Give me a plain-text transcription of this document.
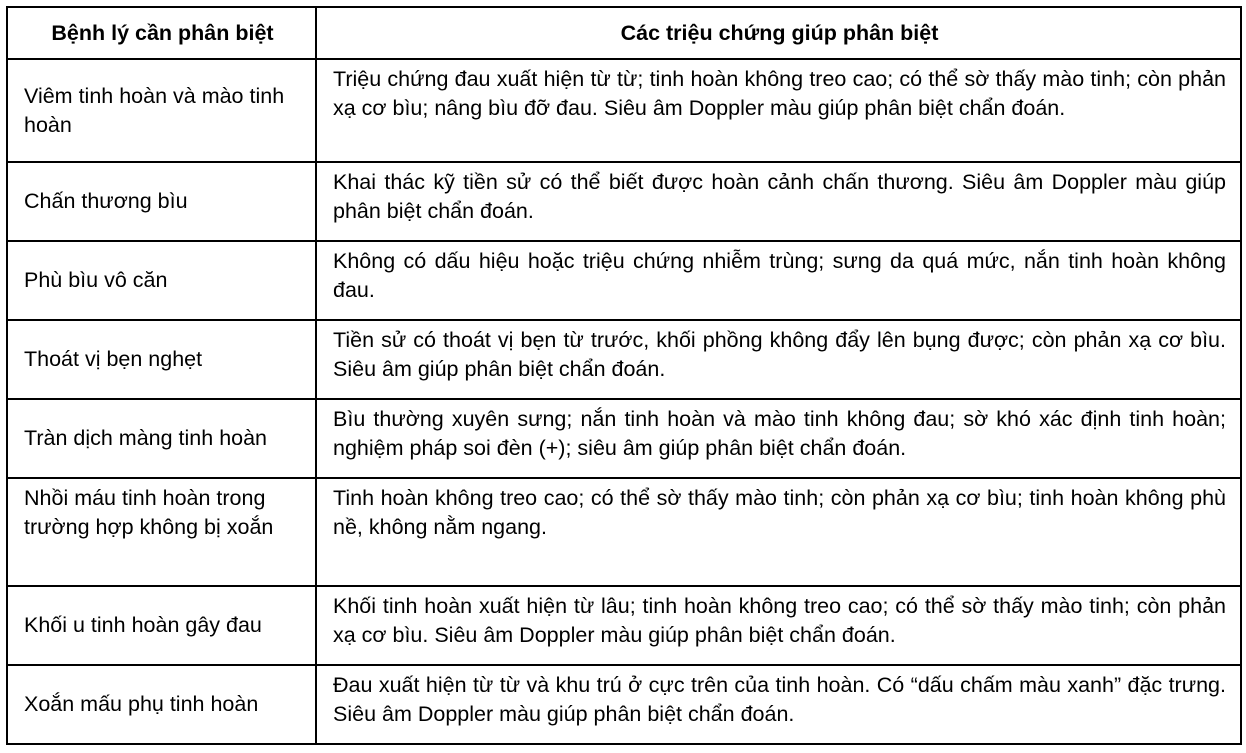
Bệnh lý cần phân biệt	Các triệu chứng giúp phân biệt
Viêm tinh hoàn và mào tinh hoàn	Triệu chứng đau xuất hiện từ từ; tinh hoàn không treo cao; có thể sờ thấy mào tinh; còn phản xạ cơ bìu; nâng bìu đỡ đau. Siêu âm Doppler màu giúp phân biệt chẩn đoán.
Chấn thương bìu	Khai thác kỹ tiền sử có thể biết được hoàn cảnh chấn thương. Siêu âm Doppler màu giúp phân biệt chẩn đoán.
Phù bìu vô căn	Không có dấu hiệu hoặc triệu chứng nhiễm trùng; sưng da quá mức, nắn tinh hoàn không đau.
Thoát vị bẹn nghẹt	Tiền sử có thoát vị bẹn từ trước, khối phồng không đẩy lên bụng được; còn phản xạ cơ bìu. Siêu âm giúp phân biệt chẩn đoán.
Tràn dịch màng tinh hoàn	Bìu thường xuyên sưng; nắn tinh hoàn và mào tinh không đau; sờ khó xác định tinh hoàn; nghiệm pháp soi đèn (+); siêu âm giúp phân biệt chẩn đoán.
Nhồi máu tinh hoàn trong trường hợp không bị xoắn	Tinh hoàn không treo cao; có thể sờ thấy mào tinh; còn phản xạ cơ bìu; tinh hoàn không phù nề, không nằm ngang.
Khối u tinh hoàn gây đau	Khối tinh hoàn xuất hiện từ lâu; tinh hoàn không treo cao; có thể sờ thấy mào tinh; còn phản xạ cơ bìu. Siêu âm Doppler màu giúp phân biệt chẩn đoán.
Xoắn mấu phụ tinh hoàn	Đau xuất hiện từ từ và khu trú ở cực trên của tinh hoàn. Có “dấu chấm màu xanh” đặc trưng. Siêu âm Doppler màu giúp phân biệt chẩn đoán.
